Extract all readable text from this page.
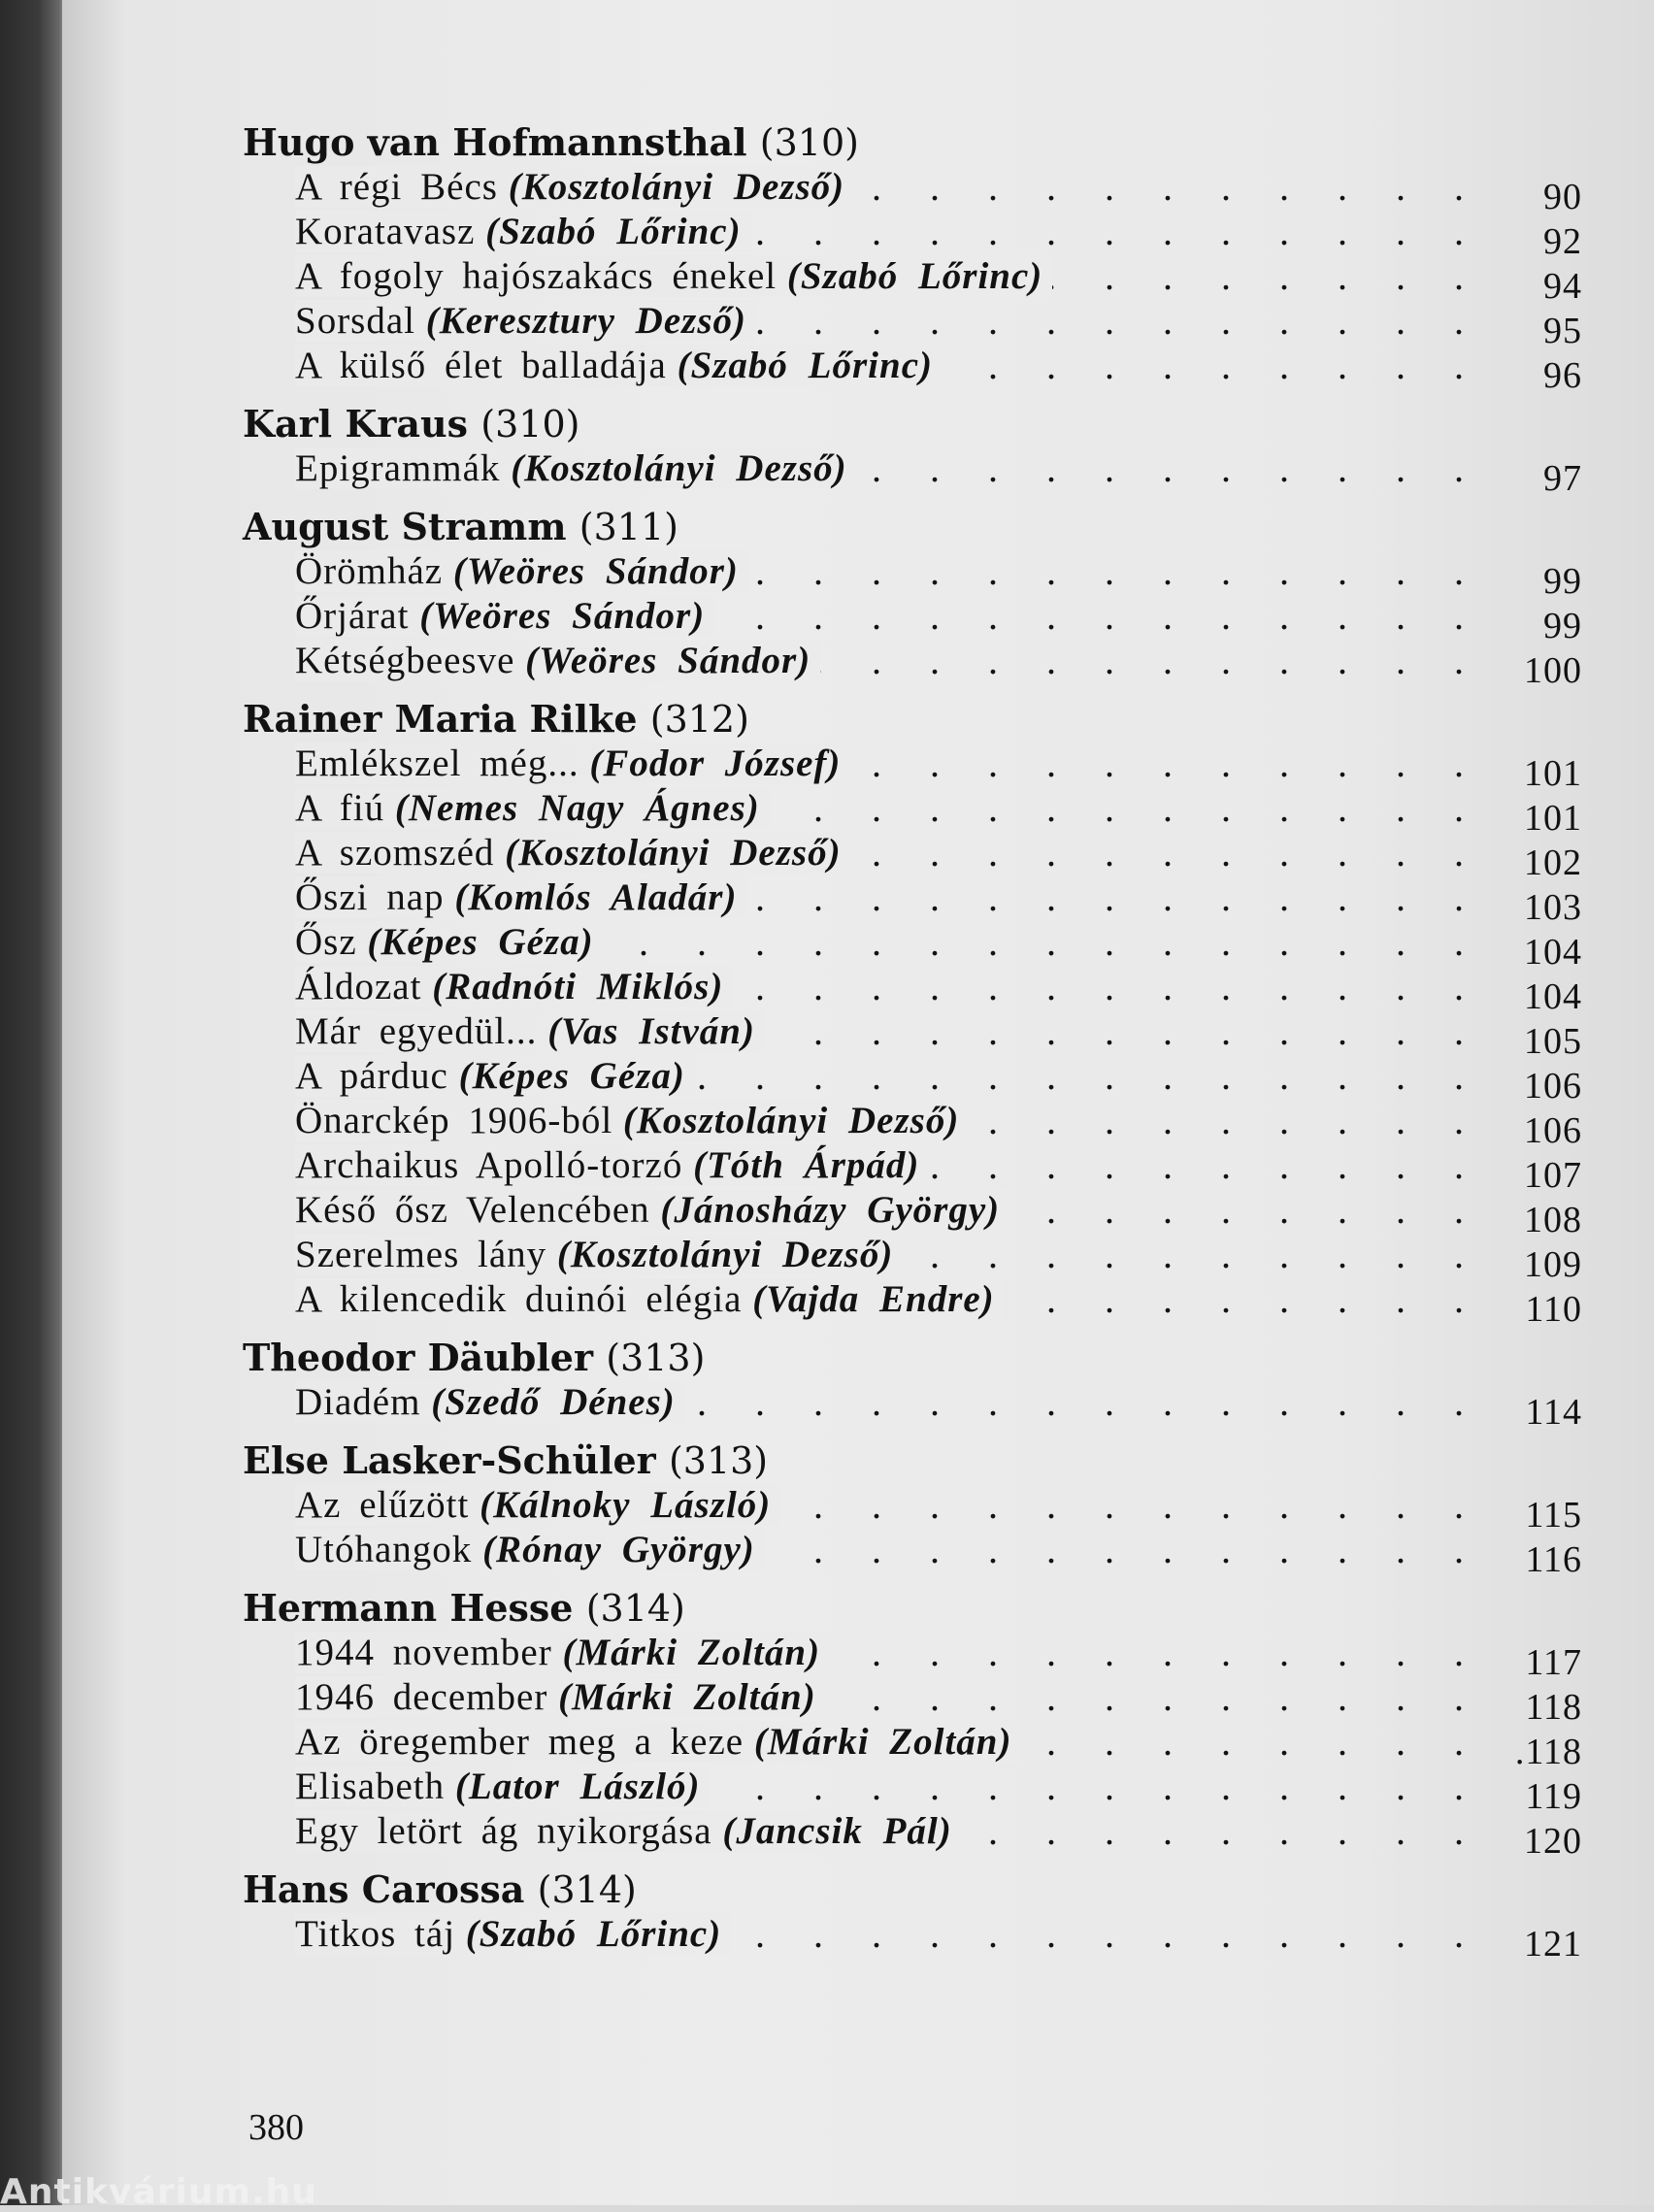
Hugo van Hofmannsthal (310)
.
A régi Bécs (Kosztolányi Dezső)	90
.
Koratavasz (Szabó Lőrinc)	92
.
A fogoly hajószakács énekel (Szabó Lőrinc)	94
.
Sorsdal (Keresztury Dezső)	95
.
A külső élet balladája (Szabó Lőrinc)	96
Karl Kraus (310)
.
Epigrammák (Kosztolányi Dezső)	97
August Stramm (311)
.
Örömház (Weöres Sándor)	99
.
Őrjárat (Weöres Sándor)	99
.
Kétségbeesve (Weöres Sándor)	100
Rainer Maria Rilke (312)
.
Emlékszel még... (Fodor József)	101
.
A fiú (Nemes Nagy Ágnes)	101
.
A szomszéd (Kosztolányi Dezső)	102
.
Őszi nap (Komlós Aladár)	103
.
Ősz (Képes Géza)	104
.
Áldozat (Radnóti Miklós)	104
.
Már egyedül... (Vas István)	105
.
A párduc (Képes Géza)	106
.
Önarckép 1906-ból (Kosztolányi Dezső)	106
.
Archaikus Apolló-torzó (Tóth Árpád)	107
.
Késő ősz Velencében (Jánosházy György)	108
.
Szerelmes lány (Kosztolányi Dezső)	109
.
A kilencedik duinói elégia (Vajda Endre)	110
Theodor Däubler (313)
.
Diadém (Szedő Dénes)	114
Else Lasker-Schüler (313)
.
Az elűzött (Kálnoky László)	115
.
Utóhangok (Rónay György)	116
Hermann Hesse (314)
.
1944 november (Márki Zoltán)	117
.
1946 december (Márki Zoltán)	118
.
Az öregember meg a keze (Márki Zoltán)	.118
.
Elisabeth (Lator László)	119
.
Egy letört ág nyikorgása (Jancsik Pál)	120
Hans Carossa (314)
.
Titkos táj (Szabó Lőrinc)	121
380
Antikvárium.hu
